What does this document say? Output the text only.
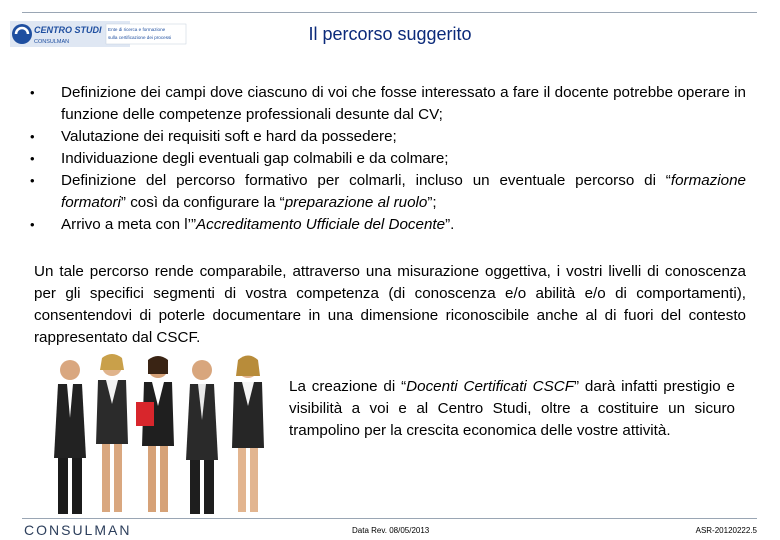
CENTRO STUDI
CONSULMAN
Ente di ricerca e formazione
sulla certificazione dei processi	Il percorso suggerito
•	Definizione dei campi dove ciascuno di voi che fosse interessato a fare il docente potrebbe operare in funzione delle competenze professionali desunte dal CV;
•	Valutazione dei requisiti soft e hard da possedere;
•	Individuazione degli eventuali gap colmabili e da colmare;
•	Definizione del percorso formativo per colmarli, incluso un eventuale percorso di “formazione formatori” così da configurare la “preparazione al ruolo”;
•	Arrivo a meta con l’”Accreditamento Ufficiale del Docente”.
Un tale percorso rende comparabile, attraverso una misurazione oggettiva, i vostri livelli di conoscenza per gli specifici segmenti di vostra competenza (di conoscenza e/o abilità e/o di comportamenti), consentendovi di poterle documentare in una dimensione riconoscibile anche al di fuori del contesto rappresentato dal CSCF.
La creazione di “Docenti Certificati CSCF” darà infatti prestigio e visibilità a voi e al Centro Studi, oltre a costituire un sicuro trampolino per la crescita economica delle vostre attività.
CONSULMAN	Data Rev. 08/05/2013	ASR-20120222.5
